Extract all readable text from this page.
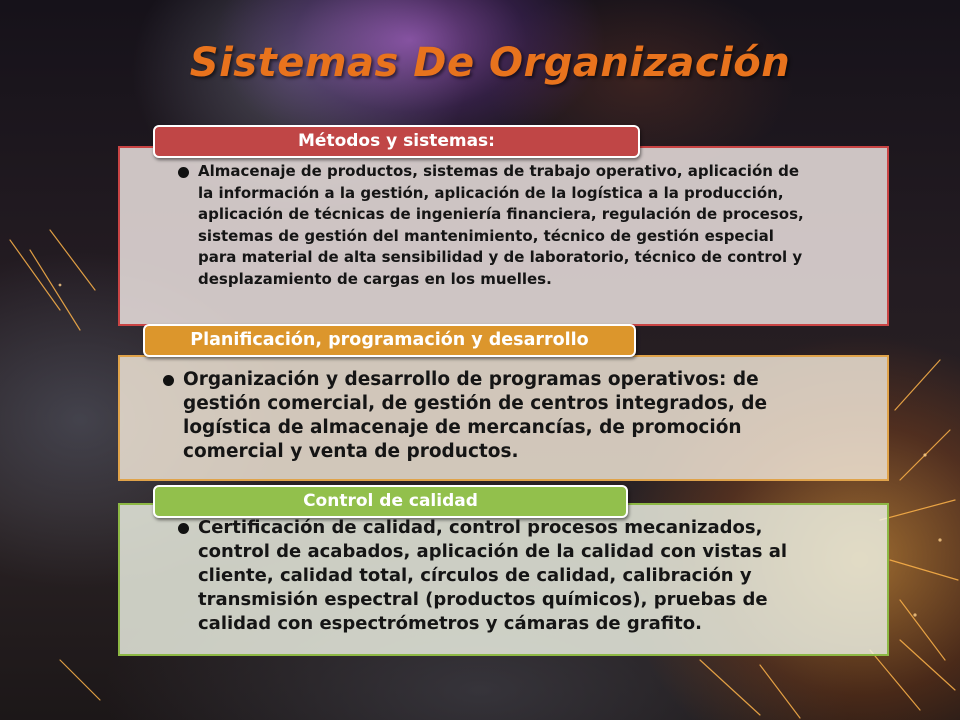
Sistemas De Organización
Métodos y sistemas:
Almacenaje de productos, sistemas de trabajo operativo, aplicación de la información a la gestión, aplicación de la logística a la producción, aplicación de técnicas de ingeniería financiera, regulación de procesos, sistemas de gestión del mantenimiento, técnico de gestión especial para material de alta sensibilidad y de laboratorio, técnico de control y desplazamiento de cargas en los muelles.
Planificación, programación y desarrollo
Organización y desarrollo de programas operativos: de gestión comercial, de gestión de centros integrados, de logística de almacenaje de mercancías, de promoción comercial y venta de productos.
Control de calidad
Certificación de calidad, control procesos mecanizados, control de acabados, aplicación de la calidad con vistas al cliente, calidad total, círculos de calidad, calibración y transmisión espectral (productos químicos), pruebas de calidad con espectrómetros y cámaras de grafito.
